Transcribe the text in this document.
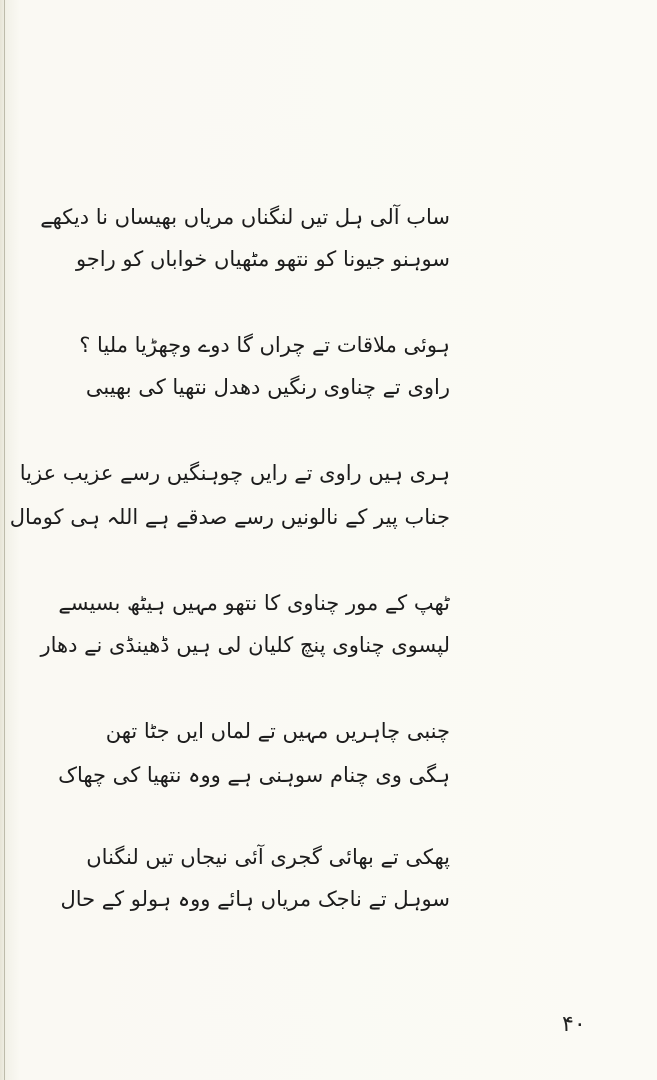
ساب آلی ہل تیں لنگناں مریاں بھیساں نا دیکھے
سوہنو جیونا کو نتھو مٹھیاں خواباں کو راجو
ہوئی ملاقات تے چراں گا دوے وچھڑیا ملیا ؟
راوی تے چناوی رنگیں دھدل نتھیا کی بھیبی
ہری ہیں راوی تے رایں چوہنگیں رسے عزیب عزیا
جناب پیر کے نالونیں رسے صدقے ہے اللہ ہی کومال
ٹھپ کے مور چناوی کا نتھو مہیں ہیٹھ بسیسے
لپسوی چناوی پنچ کلیان لی ہیں ڈھینڈی نے دھار
چنبی چاہریں مہیں تے لماں ایں جٹا تھن
ہگی وی چنام سوہنی ہے ووہ نتھیا کی چھاک
پھکی تے بھائی گجری آئی نیجاں تیں لنگناں
سوہل تے ناجک مریاں ہائے ووہ ہولو کے حال
۴۰
